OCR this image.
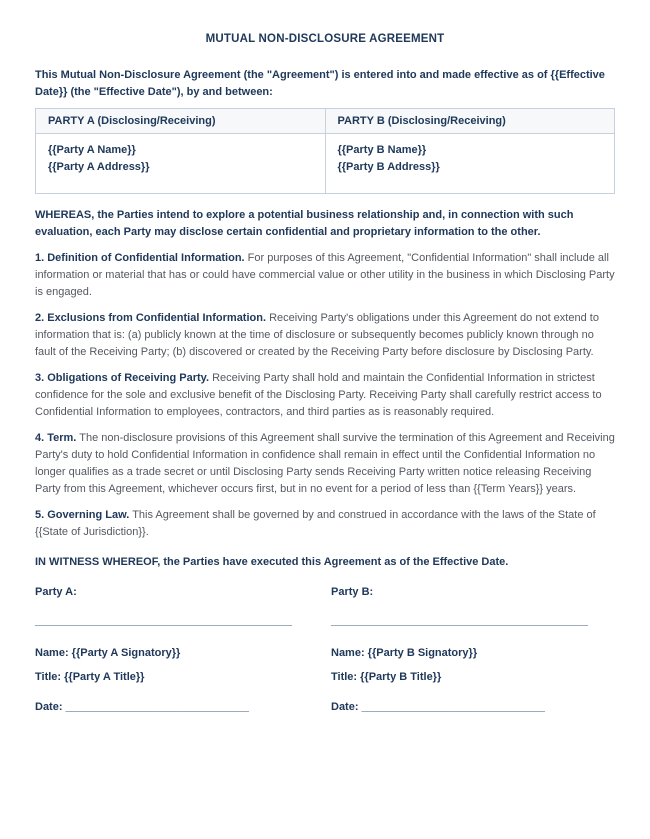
MUTUAL NON-DISCLOSURE AGREEMENT

This Mutual Non-Disclosure Agreement (the "Agreement") is entered into and made effective as of {{Effective Date}} (the "Effective Date"), by and between:

PARTY A (Disclosing/Receiving)	PARTY B (Disclosing/Receiving)

{{Party A Name}}
{{Party A Address}}

{{Party B Name}}
{{Party B Address}}

WHEREAS, the Parties intend to explore a potential business relationship and, in connection with such evaluation, each Party may disclose certain confidential and proprietary information to the other.

1. Definition of Confidential Information. For purposes of this Agreement, "Confidential Information" shall include all information or material that has or could have commercial value or other utility in the business in which Disclosing Party is engaged.

2. Exclusions from Confidential Information. Receiving Party's obligations under this Agreement do not extend to information that is: (a) publicly known at the time of disclosure or subsequently becomes publicly known through no fault of the Receiving Party; (b) discovered or created by the Receiving Party before disclosure by Disclosing Party.

3. Obligations of Receiving Party. Receiving Party shall hold and maintain the Confidential Information in strictest confidence for the sole and exclusive benefit of the Disclosing Party. Receiving Party shall carefully restrict access to Confidential Information to employees, contractors, and third parties as is reasonably required.

4. Term. The non-disclosure provisions of this Agreement shall survive the termination of this Agreement and Receiving Party's duty to hold Confidential Information in confidence shall remain in effect until the Confidential Information no longer qualifies as a trade secret or until Disclosing Party sends Receiving Party written notice releasing Receiving Party from this Agreement, whichever occurs first, but in no event for a period of less than {{Term Years}} years.

5. Governing Law. This Agreement shall be governed by and construed in accordance with the laws of the State of {{State of Jurisdiction}}.

IN WITNESS WHEREOF, the Parties have executed this Agreement as of the Effective Date.

Party A:
__________________________________________
Name: {{Party A Signatory}}
Title: {{Party A Title}}
Date: ______________________________
Party B:
__________________________________________
Name: {{Party B Signatory}}
Title: {{Party B Title}}
Date: ______________________________
